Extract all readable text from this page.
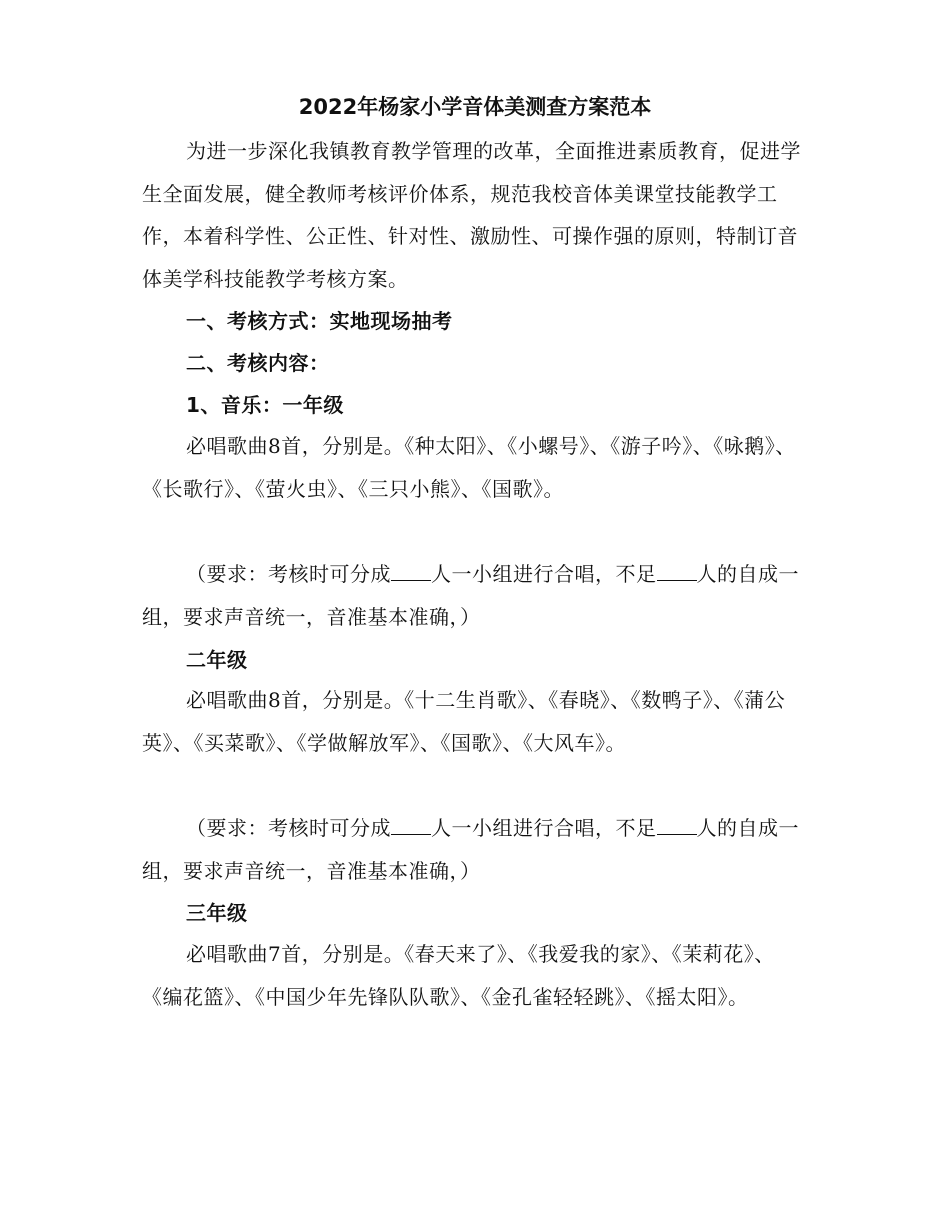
2022年杨家小学音体美测查方案范本

为进一步深化我镇教育教学管理的改革，全面推进素质教育，促进学生全面发展，健全教师考核评价体系，规范我校音体美课堂技能教学工作，本着科学性、公正性、针对性、激励性、可操作强的原则，特制订音体美学科技能教学考核方案。

一、考核方式：实地现场抽考
二、考核内容：
1、音乐：一年级

必唱歌曲8首，分别是。《种太阳》、《小螺号》、《游子吟》、《咏鹅》、《长歌行》、《萤火虫》、《三只小熊》、《国歌》。

（要求：考核时可分成 人一小组进行合唱，不足 人的自成一组，要求声音统一，音准基本准确，）

二年级

必唱歌曲8首，分别是。《十二生肖歌》、《春晓》、《数鸭子》、《蒲公英》、《买菜歌》、《学做解放军》、《国歌》、《大风车》。

（要求：考核时可分成 人一小组进行合唱，不足 人的自成一组，要求声音统一，音准基本准确，）

三年级

必唱歌曲7首，分别是。《春天来了》、《我爱我的家》、《茉莉花》、《编花篮》、《中国少年先锋队队歌》、《金孔雀轻轻跳》、《摇太阳》。
